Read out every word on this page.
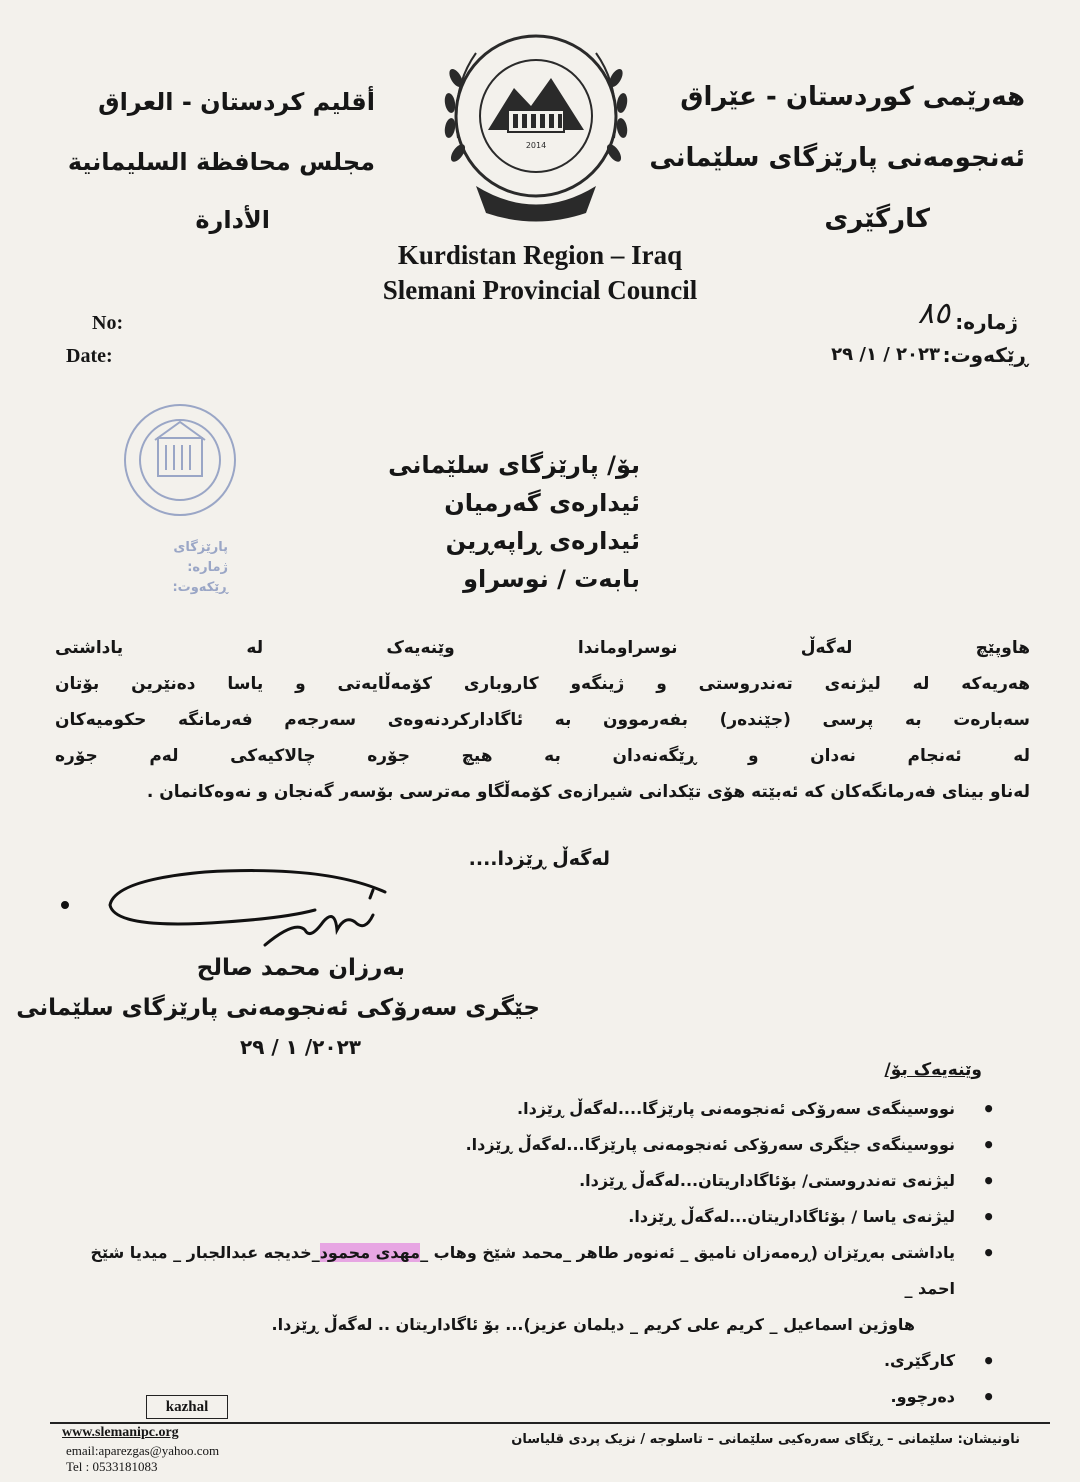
هەرێمی کوردستان - عێراق
ئەنجومەنی پارێزگای سلێمانی
کارگێری
أقليم كردستان - العراق
مجلس محافظة السليمانية
الأدارة
2014
Kurdistan Region – Iraq
Slemani Provincial Council
No:
Date:
ژمارە:
٨٥
ڕێکەوت:
٢٠٢٣ / ١/ ٢٩
پارێزگای
ژمارە:
ڕێکەوت:
بۆ/ پارێزگای سلێمانی
ئیدارەی گەرمیان
ئیدارەی ڕاپەڕین
بابەت / نوسراو
هاوپێچ لەگەڵ نوسراوماندا وێنەیەک لە یاداشتی
هەریەکە لە لیژنەی تەندروستی و ژینگەو کاروباری کۆمەڵایەتی و یاسا دەنێرین بۆتان
سەبارەت بە پرسی (جێندەر) بفەرموون بە ئاگادارکردنەوەی سەرجەم فەرمانگە حکومیەکان
لە ئەنجام نەدان و ڕێگەنەدان بە هیچ جۆرە چالاکیەکی لەم جۆرە
لەناو بینای فەرمانگەکان کە ئەبێتە هۆی تێکدانی شیرازەی کۆمەڵگاو مەترسی بۆسەر گەنجان و نەوەکانمان .
لەگەڵ ڕێزدا....
بەرزان محمد صالح
جێگری سەرۆکی ئەنجومەنی پارێزگای سلێمانی
٢٠٢٣/ ١ / ٢٩
وێنەیەک بۆ/
•
نووسینگەی سەرۆکی ئەنجومەنی پارێزگا....لەگەڵ ڕێزدا.
•
نووسینگەی جێگری سەرۆکی ئەنجومەنی پارێزگا...لەگەڵ ڕێزدا.
•
لیژنەی تەندروستی/ بۆئاگاداریتان...لەگەڵ ڕێزدا.
•
لیژنەی یاسا / بۆئاگاداریتان...لەگەڵ ڕێزدا.
•
یاداشتی بەڕێزان (ڕەمەزان نامیق _ ئەنوەر طاهر _محمد شێخ وهاب _مهدی محمود_خدیجە عبدالجبار _ میدیا شێخ احمد _
هاوژین اسماعیل _ کریم علی کریم _ دیلمان عزیز)... بۆ ئاگاداریتان .. لەگەڵ ڕێزدا.
•
کارگێری.
•
دەرچوو.
kazhal
ناونیشان: سلێمانی – ڕێگای سەرەکیی سلێمانی – تاسلوجە / نزیک پردی قلیاسان
www.slemanipc.org
email:aparezgas@yahoo.com
Tel : 0533181083
